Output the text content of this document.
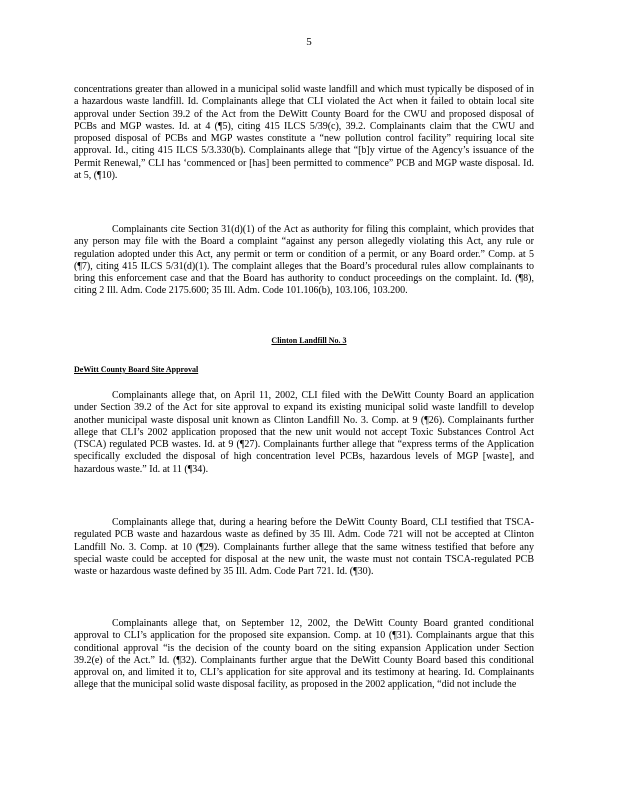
5

concentrations greater than allowed in a municipal solid waste landfill and which must typically be disposed of in a hazardous waste landfill. Id. Complainants allege that CLI violated the Act when it failed to obtain local site approval under Section 39.2 of the Act from the DeWitt County Board for the CWU and proposed disposal of PCBs and MGP wastes. Id. at 4 (¶5), citing 415 ILCS 5/39(c), 39.2. Complainants claim that the CWU and proposed disposal of PCBs and MGP wastes constitute a “new pollution control facility” requiring local site approval. Id., citing 415 ILCS 5/3.330(b). Complainants allege that “[b]y virtue of the Agency’s issuance of the Permit Renewal,” CLI has ‘commenced or [has] been permitted to commence” PCB and MGP waste disposal. Id. at 5, (¶10).

Complainants cite Section 31(d)(1) of the Act as authority for filing this complaint, which provides that any person may file with the Board a complaint “against any person allegedly violating this Act, any rule or regulation adopted under this Act, any permit or term or condition of a permit, or any Board order.” Comp. at 5 (¶7), citing 415 ILCS 5/31(d)(1). The complaint alleges that the Board’s procedural rules allow complainants to bring this enforcement case and that the Board has authority to conduct proceedings on the complaint. Id. (¶8), citing 2 Ill. Adm. Code 2175.600; 35 Ill. Adm. Code 101.106(b), 103.106, 103.200.

Clinton Landfill No. 3
DeWitt County Board Site Approval

Complainants allege that, on April 11, 2002, CLI filed with the DeWitt County Board an application under Section 39.2 of the Act for site approval to expand its existing municipal solid waste landfill to develop another municipal waste disposal unit known as Clinton Landfill No. 3. Comp. at 9 (¶26). Complainants further allege that CLI’s 2002 application proposed that the new unit would not accept Toxic Substances Control Act (TSCA) regulated PCB wastes. Id. at 9 (¶27). Complainants further allege that “express terms of the Application specifically excluded the disposal of high concentration level PCBs, hazardous levels of MGP [waste], and hazardous waste.” Id. at 11 (¶34).

Complainants allege that, during a hearing before the DeWitt County Board, CLI testified that TSCA-regulated PCB waste and hazardous waste as defined by 35 Ill. Adm. Code 721 will not be accepted at Clinton Landfill No. 3. Comp. at 10 (¶29). Complainants further allege that the same witness testified that before any special waste could be accepted for disposal at the new unit, the waste must not contain TSCA-regulated PCB waste or hazardous waste defined by 35 Ill. Adm. Code Part 721. Id. (¶30).

Complainants allege that, on September 12, 2002, the DeWitt County Board granted conditional approval to CLI’s application for the proposed site expansion. Comp. at 10 (¶31). Complainants argue that this conditional approval “is the decision of the county board on the siting expansion Application under Section 39.2(e) of the Act.” Id. (¶32). Complainants further argue that the DeWitt County Board based this conditional approval on, and limited it to, CLI’s application for site approval and its testimony at hearing. Id. Complainants allege that the municipal solid waste disposal facility, as proposed in the 2002 application, “did not include the
